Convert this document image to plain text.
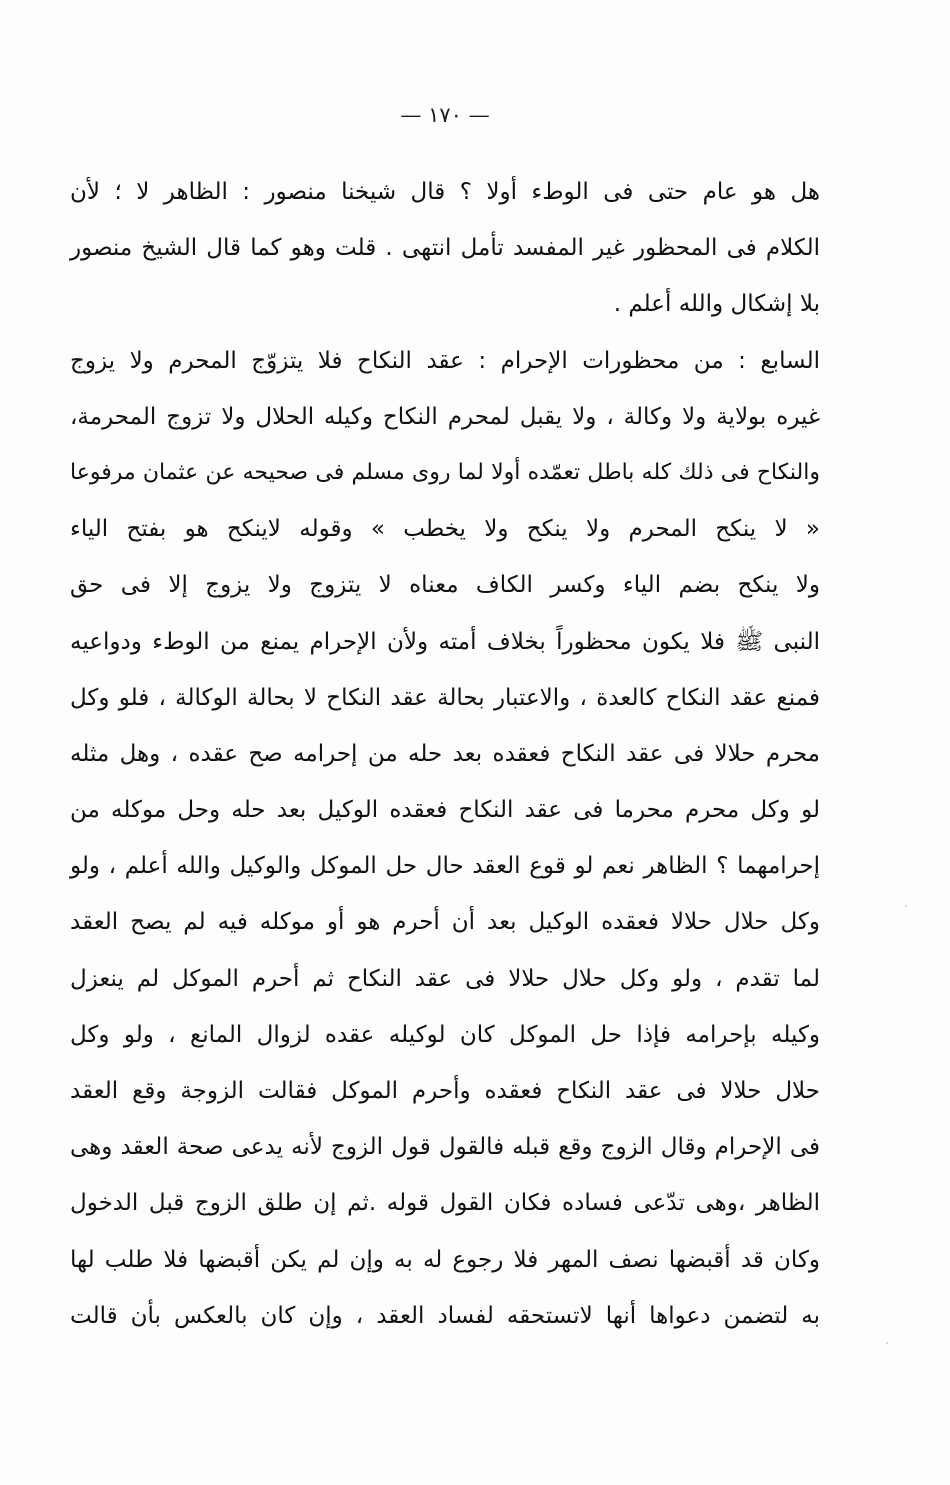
— ١٧٠ —
هل هو عام حتى فى الوطء أولا ؟ قال شيخنا منصور : الظاهر لا ؛ لأن
الكلام فى المحظور غير المفسد تأمل انتهى . قلت وهو كما قال الشيخ منصور
بلا إشكال والله أعلم .
السابع : من محظورات الإحرام : عقد النكاح فلا يتزوّج المحرم ولا يزوج
غيره بولاية ولا وكالة ، ولا يقبل لمحرم النكاح وكيله الحلال ولا تزوج المحرمة،
والنكاح فى ذلك كله باطل تعمّده أولا لما روى مسلم فى صحيحه عن عثمان مرفوعا
« لا ينكح المحرم ولا ينكح ولا يخطب » وقوله لاينكح هو بفتح الياء
ولا ينكح بضم الياء وكسر الكاف معناه لا يتزوج ولا يزوج إلا فى حق
النبى ﷺ فلا يكون محظوراً بخلاف أمته ولأن الإحرام يمنع من الوطء ودواعيه
فمنع عقد النكاح كالعدة ، والاعتبار بحالة عقد النكاح لا بحالة الوكالة ، فلو وكل
محرم حلالا فى عقد النكاح فعقده بعد حله من إحرامه صح عقده ، وهل مثله
لو وكل محرم محرما فى عقد النكاح فعقده الوكيل بعد حله وحل موكله من
إحرامهما ؟ الظاهر نعم لو قوع العقد حال حل الموكل والوكيل والله أعلم ، ولو
وكل حلال حلالا فعقده الوكيل بعد أن أحرم هو أو موكله فيه لم يصح العقد
لما تقدم ، ولو وكل حلال حلالا فى عقد النكاح ثم أحرم الموكل لم ينعزل
وكيله بإحرامه فإذا حل الموكل كان لوكيله عقده لزوال المانع ، ولو وكل
حلال حلالا فى عقد النكاح فعقده وأحرم الموكل فقالت الزوجة وقع العقد
فى الإحرام وقال الزوج وقع قبله فالقول قول الزوج لأنه يدعى صحة العقد وهى
الظاهر ،وهى تدّعى فساده فكان القول قوله .ثم إن طلق الزوج قبل الدخول
وكان قد أقبضها نصف المهر فلا رجوع له به وإن لم يكن أقبضها فلا طلب لها
به لتضمن دعواها أنها لاتستحقه لفساد العقد ، وإن كان بالعكس بأن قالت
